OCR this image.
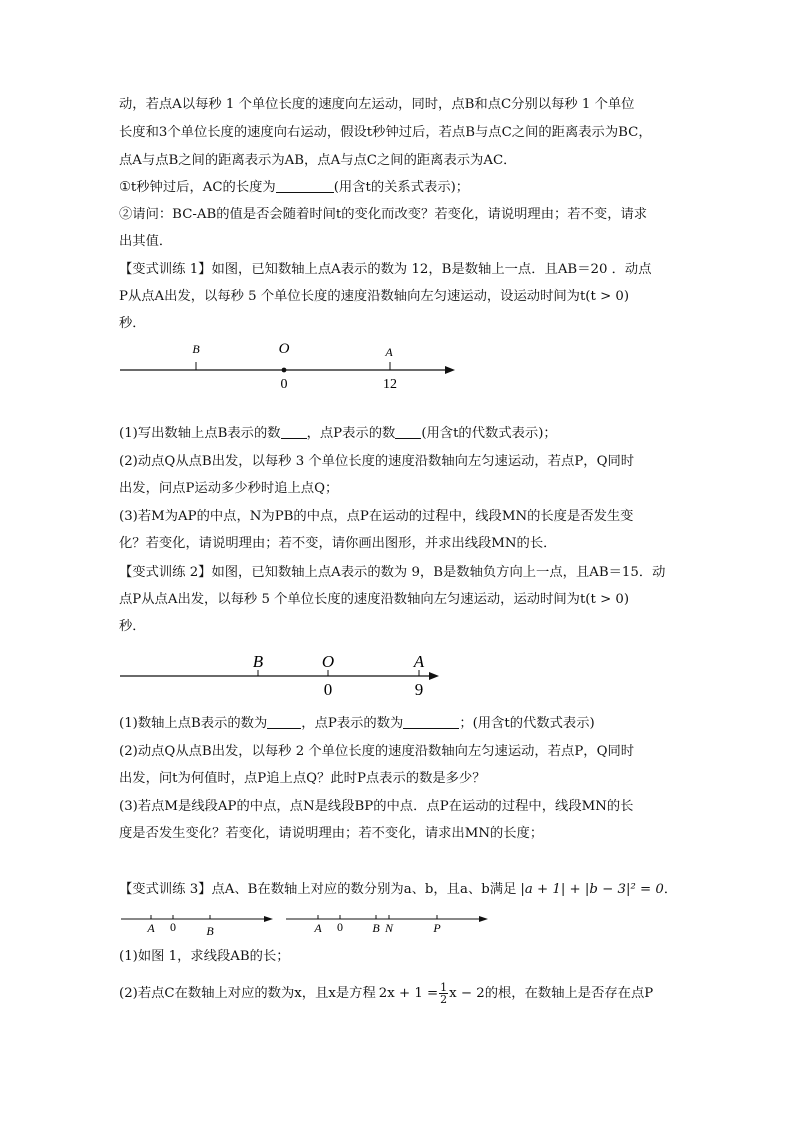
动，若点A以每秒 1 个单位长度的速度向左运动，同时，点B和点C分别以每秒 1 个单位
长度和3个单位长度的速度向右运动，假设t秒钟过后，若点B与点C之间的距离表示为BC，
点A与点B之间的距离表示为AB，点A与点C之间的距离表示为AC．
①t秒钟过后，AC的长度为	(用含t的关系式表示)；
②请问：BC-AB的值是否会随着时间t的变化而改变？若变化，请说明理由；若不变，请求
出其值．
【变式训练 1】如图，已知数轴上点A表示的数为 12，B是数轴上一点．且AB＝20 ．动点
P从点A出发，以每秒 5 个单位长度的速度沿数轴向左匀速运动，设运动时间为t(t > 0)
秒．
B	O	A
0	12
(1)写出数轴上点B表示的数 ，点P表示的数 (用含t的代数式表示)；
(2)动点Q从点B出发，以每秒 3 个单位长度的速度沿数轴向左匀速运动，若点P，Q同时
出发，问点P运动多少秒时追上点Q；
(3)若M为AP的中点，N为PB的中点，点P在运动的过程中，线段MN的长度是否发生变
化？若变化，请说明理由；若不变，请你画出图形，并求出线段MN的长．
【变式训练 2】如图，已知数轴上点A表示的数为 9，B是数轴负方向上一点，且AB＝15．动
点P从点A出发，以每秒 5 个单位长度的速度沿数轴向左匀速运动，运动时间为t(t > 0)
秒．
B	O	A
0	9
(1)数轴上点B表示的数为	，点P表示的数为	；(用含t的代数式表示)
(2)动点Q从点B出发，以每秒 2 个单位长度的速度沿数轴向左匀速运动，若点P，Q同时
出发，问t为何值时，点P追上点Q？此时P点表示的数是多少？
(3)若点M是线段AP的中点，点N是线段BP的中点．点P在运动的过程中，线段MN的长
度是否发生变化？若变化，请说明理由；若不变化，请求出MN的长度；
【变式训练 3】点A、B在数轴上对应的数分别为a、b，且a、b满足 |a + 1| + |b − 3|² = 0．
A 0	B	A 0 B N	P
(1)如图 1，求线段AB的长；
(2)若点C在数轴上对应的数为x，且x是方程 $2x + 1 = \frac{1}{2}$ x − 2的根，在数轴上是否存在点P
